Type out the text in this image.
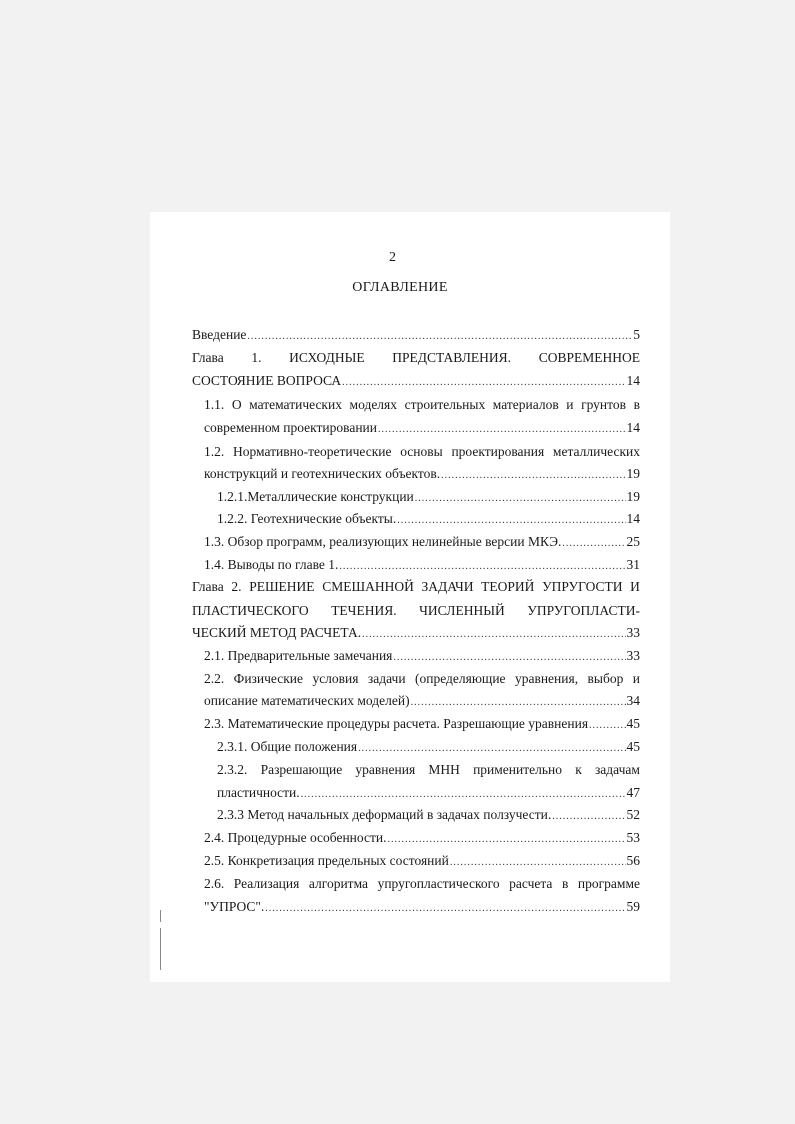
2
ОГЛАВЛЕНИЕ
Введение .....	5
Глава 1. ИСХОДНЫЕ ПРЕДСТАВЛЕНИЯ. СОВРЕМЕННОЕ
СОСТОЯНИЕ ВОПРОСА .....	14
1.1. О математических моделях строительных материалов и грунтов в
современном проектировании .....	14
1.2. Нормативно-теоретические основы проектирования металлических
конструкций и геотехнических объектов. .....	19
1.2.1.Металлические конструкции .....	19
1.2.2. Геотехнические объекты. .....	14
1.3. Обзор программ, реализующих нелинейные версии МКЭ. .....	25
1.4. Выводы по главе 1. .....	31
Глава 2. РЕШЕНИЕ СМЕШАННОЙ ЗАДАЧИ ТЕОРИЙ УПРУГОСТИ И
ПЛАСТИЧЕСКОГО ТЕЧЕНИЯ. ЧИСЛЕННЫЙ УПРУГОПЛАСТИ-
ЧЕСКИЙ МЕТОД РАСЧЕТА. .....	33
2.1. Предварительные замечания .....	33
2.2. Физические условия задачи (определяющие уравнения, выбор и
описание математических моделей) .....	34
2.3. Математические процедуры расчета. Разрешающие уравнения .....	45
2.3.1. Общие положения .....	45
2.3.2. Разрешающие уравнения МНН применительно к задачам
пластичности. .....	47
2.3.3 Метод начальных деформаций в задачах ползучести. .....	52
2.4. Процедурные особенности. .....	53
2.5. Конкретизация предельных состояний .....	56
2.6. Реализация алгоритма упругопластического расчета в программе
"УПРОС". .....	59
